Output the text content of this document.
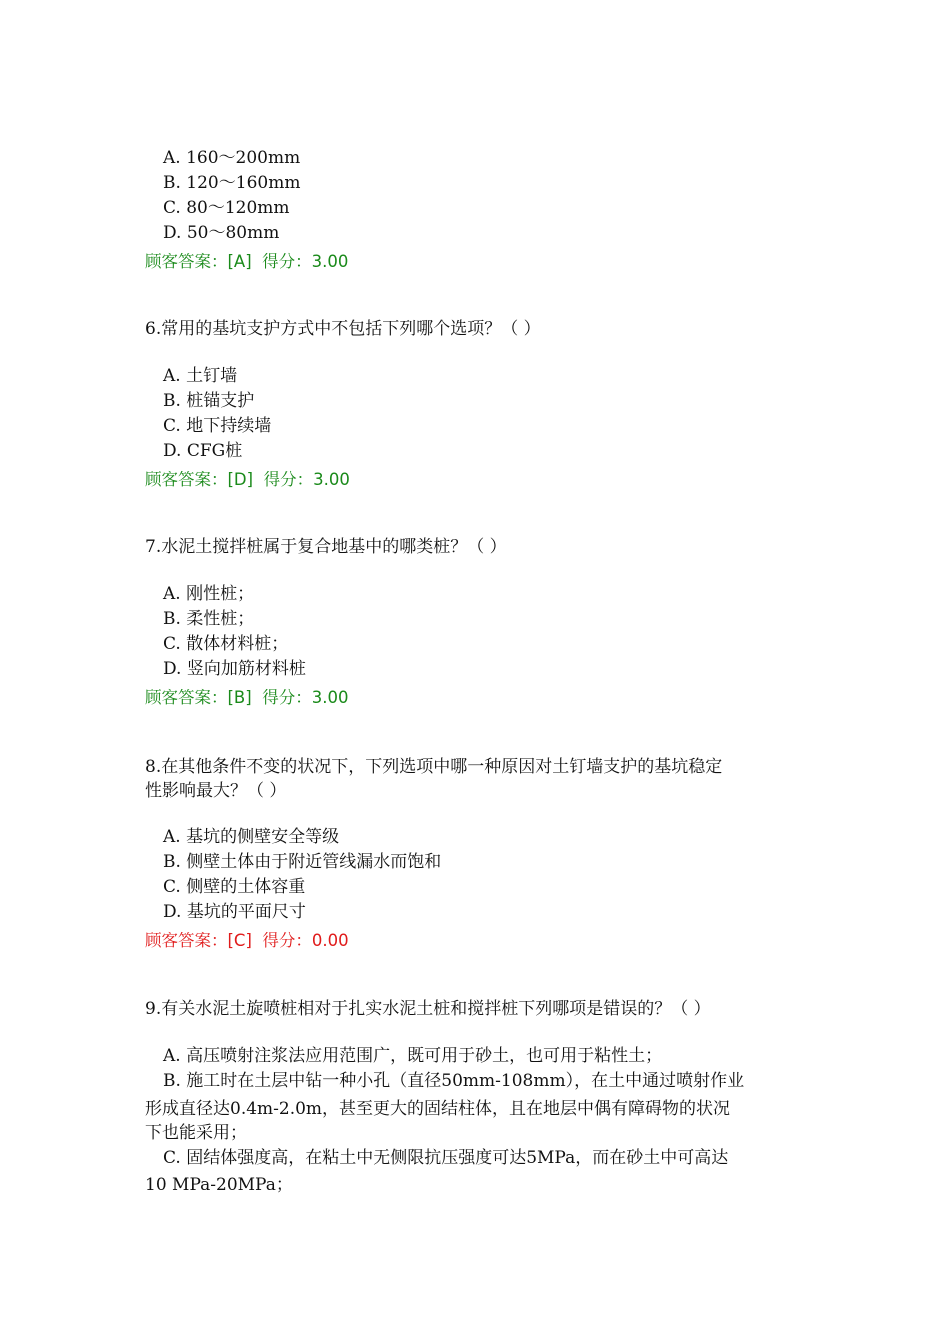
A. 160～200mm
B. 120～160mm
C. 80～120mm
D. 50～80mm
顾客答案：[A] 得分：3.00
6.常用的基坑支护方式中不包括下列哪个选项？（ ）
A. 土钉墙
B. 桩锚支护
C. 地下持续墙
D. CFG桩
顾客答案：[D] 得分：3.00
7.水泥土搅拌桩属于复合地基中的哪类桩？（ ）
A. 刚性桩；
B. 柔性桩；
C. 散体材料桩；
D. 竖向加筋材料桩
顾客答案：[B] 得分：3.00
8.在其他条件不变的状况下，下列选项中哪一种原因对土钉墙支护的基坑稳定
性影响最大？（ ）
A. 基坑的侧壁安全等级
B. 侧壁土体由于附近管线漏水而饱和
C. 侧壁的土体容重
D. 基坑的平面尺寸
顾客答案：[C] 得分：0.00
9.有关水泥土旋喷桩相对于扎实水泥土桩和搅拌桩下列哪项是错误的？（ ）
A. 高压喷射注浆法应用范围广，既可用于砂土，也可用于粘性土；
B. 施工时在土层中钻一种小孔（直径50mm-108mm），在土中通过喷射作业
形成直径达0.4m-2.0m，甚至更大的固结柱体，且在地层中偶有障碍物的状况
下也能采用；
C. 固结体强度高，在粘土中无侧限抗压强度可达5MPa，而在砂土中可高达
10 MPa-20MPa；
